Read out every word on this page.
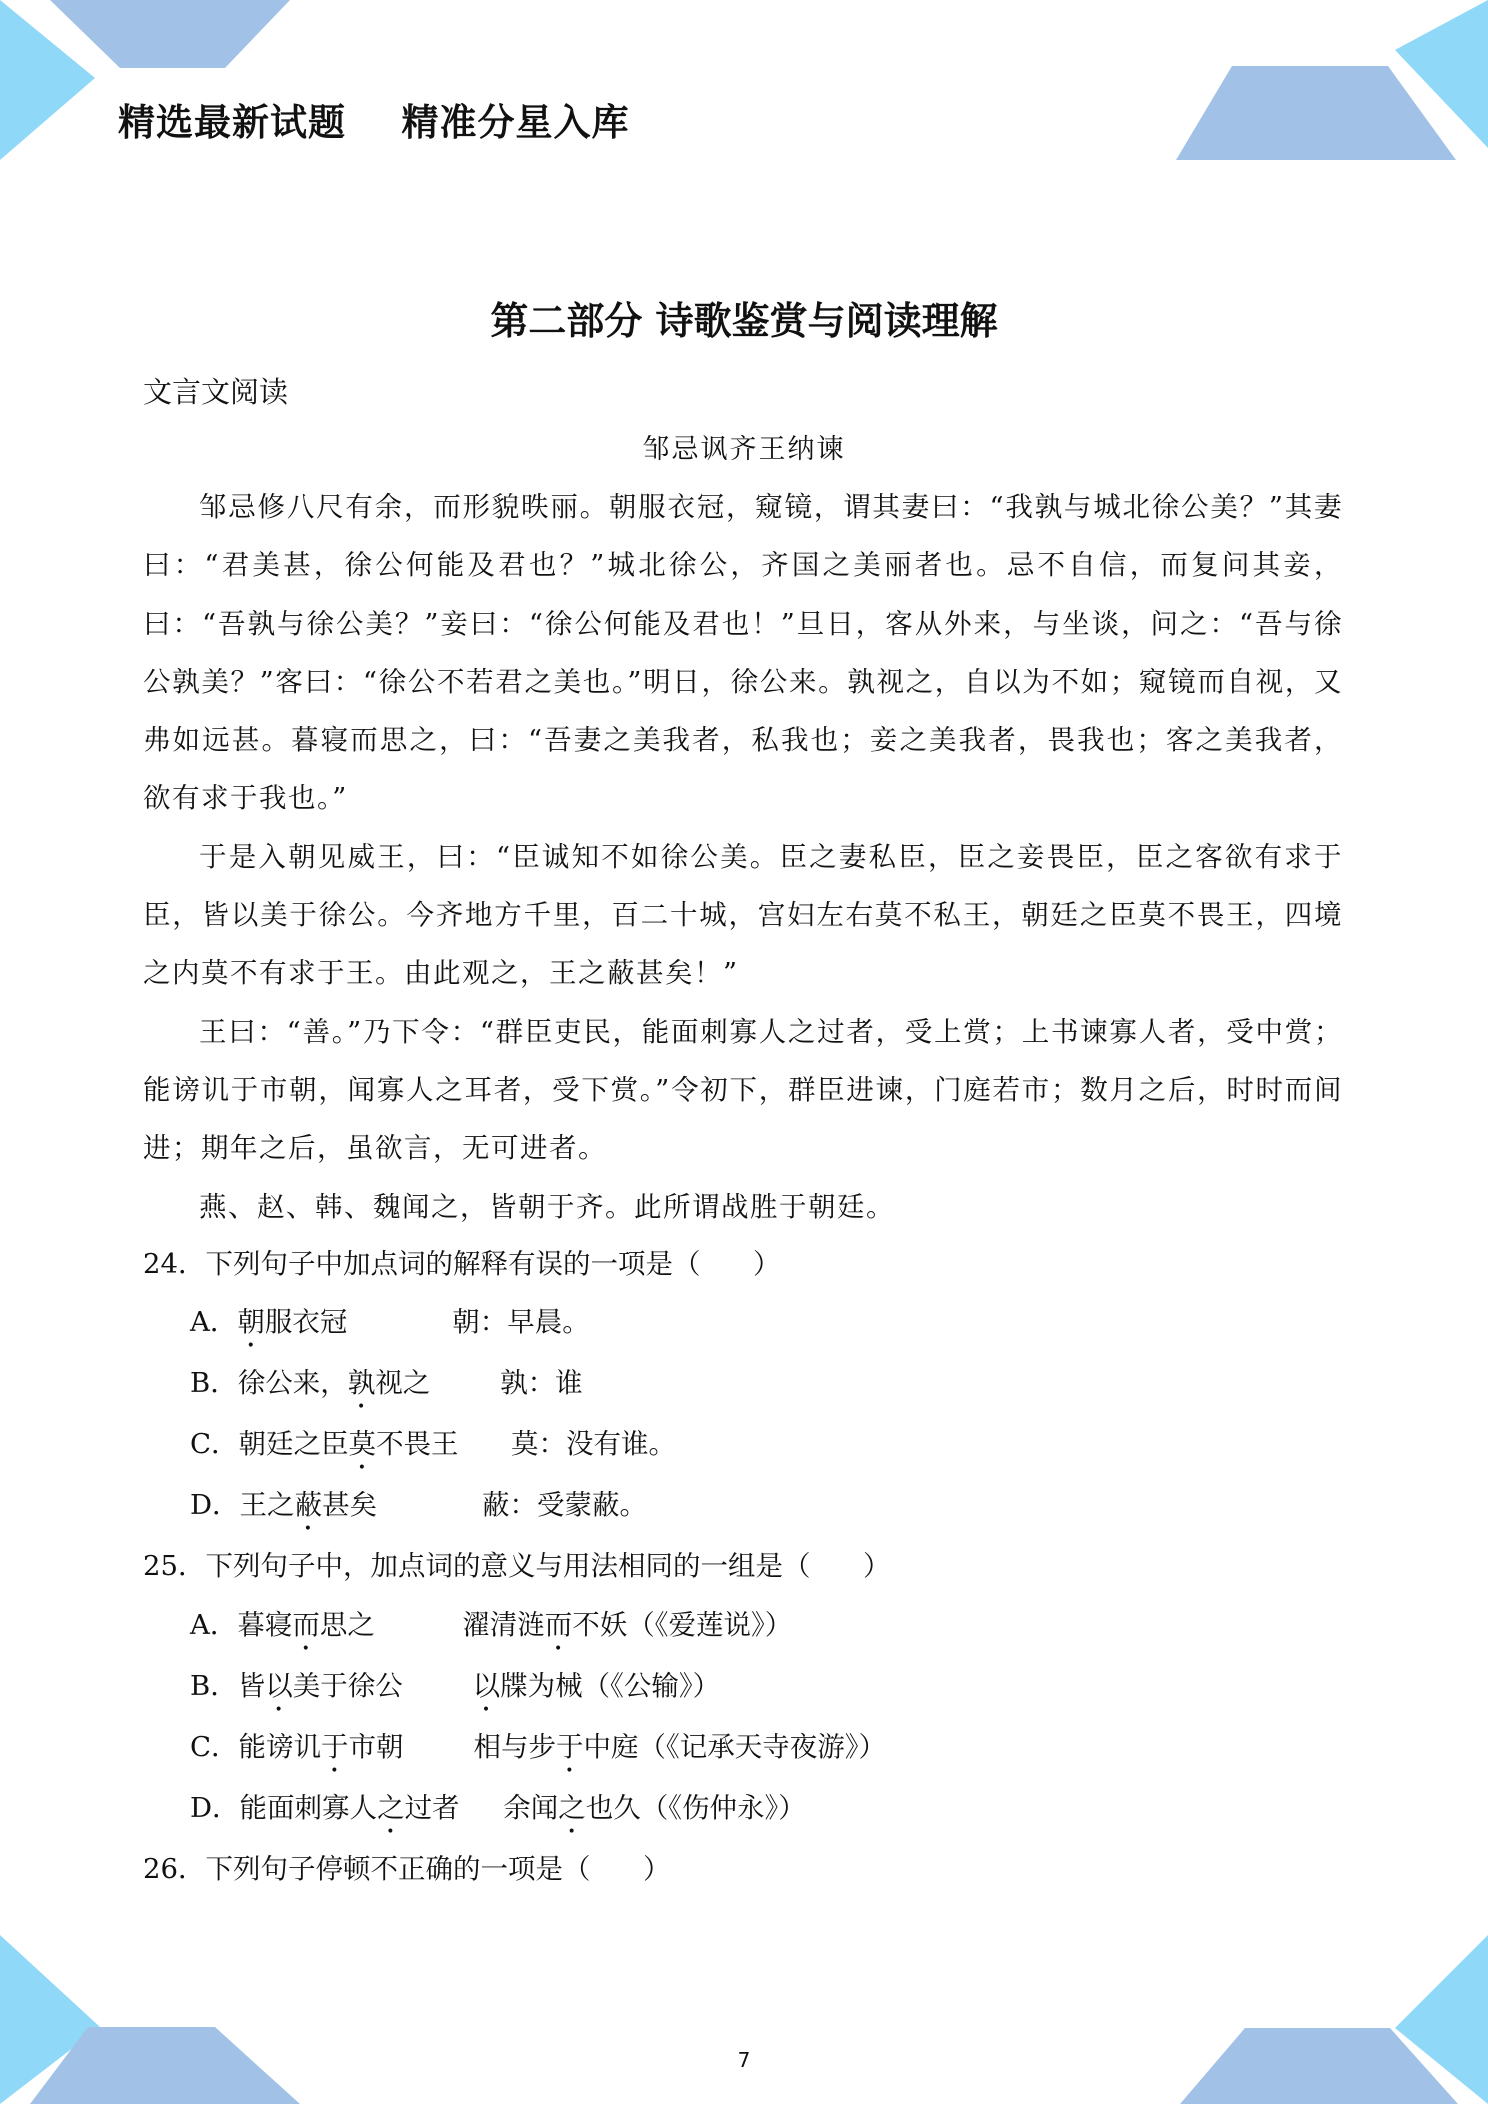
精选最新试题    精准分星入库
第二部分 诗歌鉴赏与阅读理解
文言文阅读
邹忌讽齐王纳谏

邹忌修八尺有余，而形貌昳丽。朝服衣冠，窥镜，谓其妻曰：“我孰与城北徐公美？”其妻曰：“君美甚，徐公何能及君也？”城北徐公，齐国之美丽者也。忌不自信，而复问其妾，曰：“吾孰与徐公美？”妾曰：“徐公何能及君也！”旦日，客从外来，与坐谈，问之：“吾与徐公孰美？”客曰：“徐公不若君之美也。”明日，徐公来。孰视之，自以为不如；窥镜而自视，又弗如远甚。暮寝而思之，曰：“吾妻之美我者，私我也；妾之美我者，畏我也；客之美我者，欲有求于我也。”

于是入朝见威王，曰：“臣诚知不如徐公美。臣之妻私臣，臣之妾畏臣，臣之客欲有求于臣，皆以美于徐公。今齐地方千里，百二十城，宫妇左右莫不私王，朝廷之臣莫不畏王，四境之内莫不有求于王。由此观之，王之蔽甚矣！”

王曰：“善。”乃下令：“群臣吏民，能面刺寡人之过者，受上赏；上书谏寡人者，受中赏；能谤讥于市朝，闻寡人之耳者，受下赏。”令初下，群臣进谏，门庭若市；数月之后，时时而间进；期年之后，虽欲言，无可进者。

燕、赵、韩、魏闻之，皆朝于齐。此所谓战胜于朝廷。

24．下列句子中加点词的解释有误的一项是（      ）

A．朝服衣冠            朝：早晨。

B．徐公来，孰视之        孰：谁

C．朝廷之臣莫不畏王      莫：没有谁。

D．王之蔽甚矣            蔽：受蒙蔽。

25．下列句子中，加点词的意义与用法相同的一组是（      ）

A．暮寝而思之          濯清涟而不妖（《爱莲说》）

B．皆以美于徐公        以牒为械（《公输》）

C．能谤讥于市朝        相与步于中庭（《记承天寺夜游》）

D．能面刺寡人之过者     余闻之也久（《伤仲永》）

26．下列句子停顿不正确的一项是（      ）

7
